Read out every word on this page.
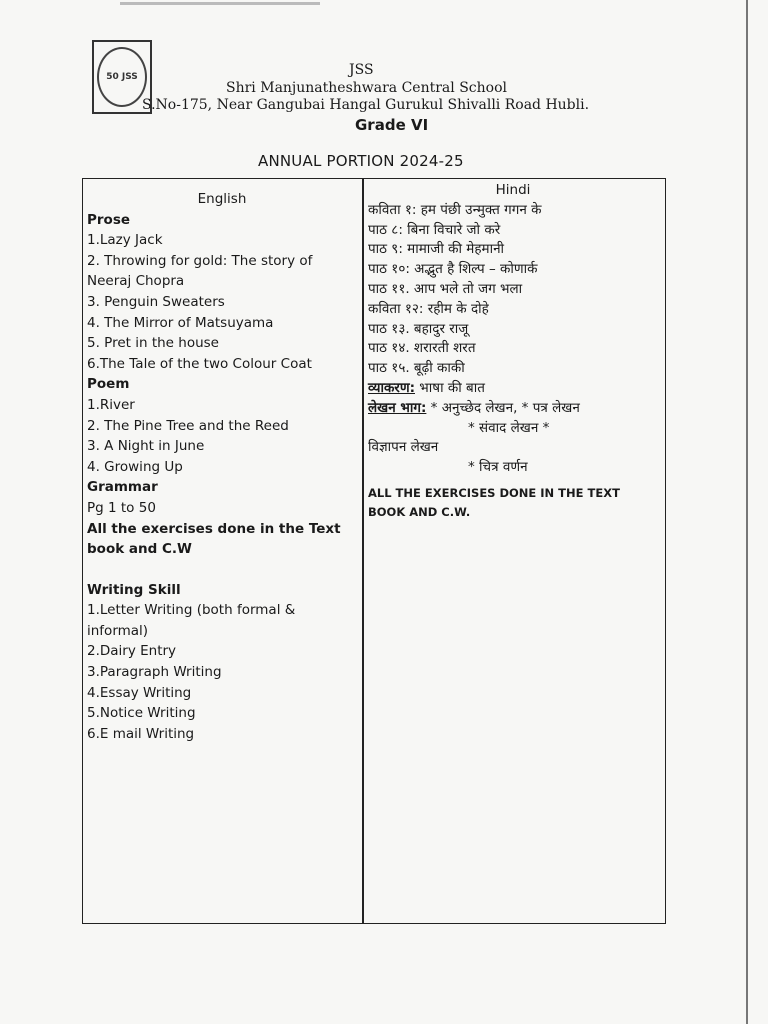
50 JSS	JSS
Shri Manjunatheshwara Central School
S.No-175, Near Gangubai Hangal Gurukul Shivalli Road Hubli.
Grade VI
ANNUAL PORTION 2024-25
English
Prose
1.Lazy Jack
2. Throwing for gold: The story of
Neeraj Chopra
3. Penguin Sweaters
4. The Mirror of Matsuyama
5. Pret in the house
6.The Tale of the two Colour Coat
Poem
1.River
2. The Pine Tree and the Reed
3. A Night in June
4. Growing Up
Grammar
Pg 1 to 50
All the exercises done in the Text
book and C.W
Writing Skill
1.Letter Writing (both formal &
informal)
2.Dairy Entry
3.Paragraph Writing
4.Essay Writing
5.Notice Writing
6.E mail Writing
Hindi
कविता १: हम पंछी उन्मुक्त गगन के
पाठ ८: बिना विचारे जो करे
पाठ ९: मामाजी की मेहमानी
पाठ १०: अद्भुत है शिल्प – कोणार्क
पाठ ११. आप भले तो जग भला
कविता १२: रहीम के दोहे
पाठ १३. बहादुर राजू
पाठ १४. शरारती शरत
पाठ १५. बूढ़ी काकी
व्याकरण: भाषा की बात
लेखन भाग: * अनुच्छेद लेखन, * पत्र लेखन
* संवाद लेखन *
विज्ञापन लेखन
* चित्र वर्णन
ALL THE EXERCISES DONE IN THE TEXT BOOK AND C.W.
